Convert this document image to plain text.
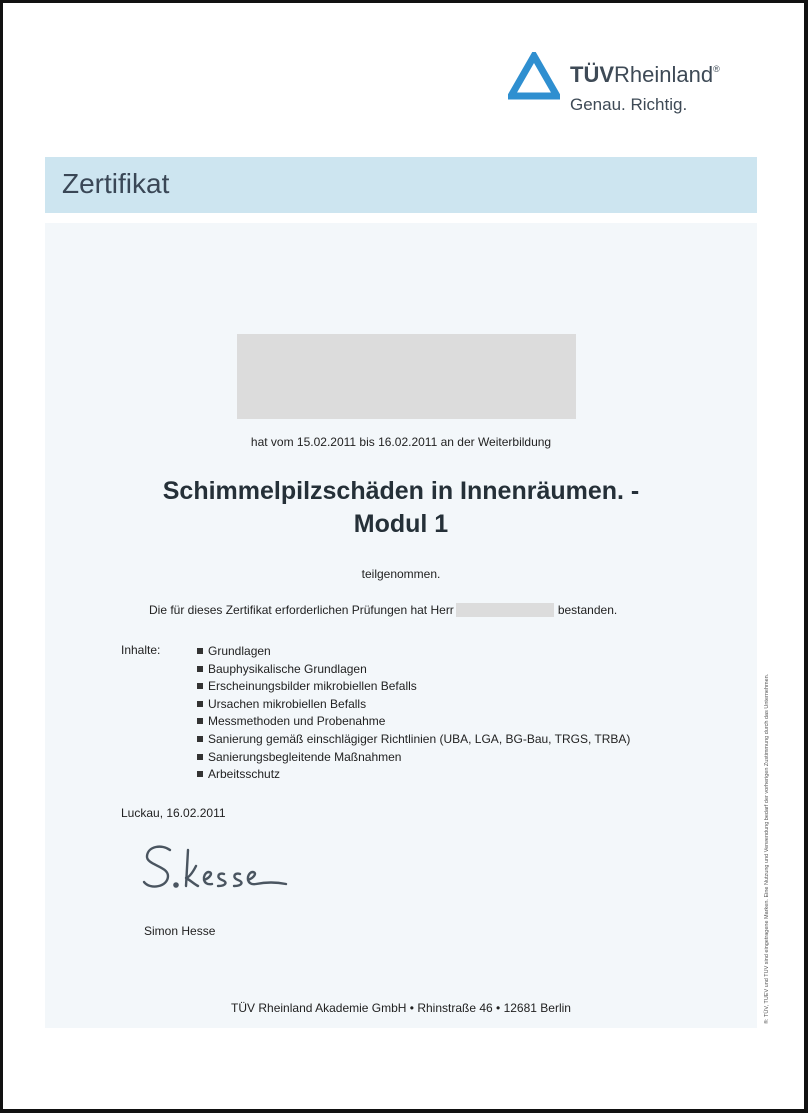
TÜVRheinland®
Genau. Richtig.
Zertifikat
hat vom 15.02.2011 bis 16.02.2011 an der Weiterbildung
Schimmelpilzschäden in Innenräumen. -
Modul 1
teilgenommen.
Die für dieses Zertifikat erforderlichen Prüfungen hat Herr	bestanden.
Inhalte:	Grundlagen
Bauphysikalische Grundlagen
Erscheinungsbilder mikrobiellen Befalls
Ursachen mikrobiellen Befalls
Messmethoden und Probenahme
Sanierung gemäß einschlägiger Richtlinien (UBA, LGA, BG-Bau, TRGS, TRBA)
Sanierungsbegleitende Maßnahmen
Arbeitsschutz
Luckau, 16.02.2011
Simon Hesse
TÜV Rheinland Akademie GmbH • Rhinstraße 46 • 12681 Berlin	®: TÜV, TUEV und TUV sind eingetragene Marken. Eine Nutzung und Verwendung bedarf der vorherigen Zustimmung durch das Unternehmen.
